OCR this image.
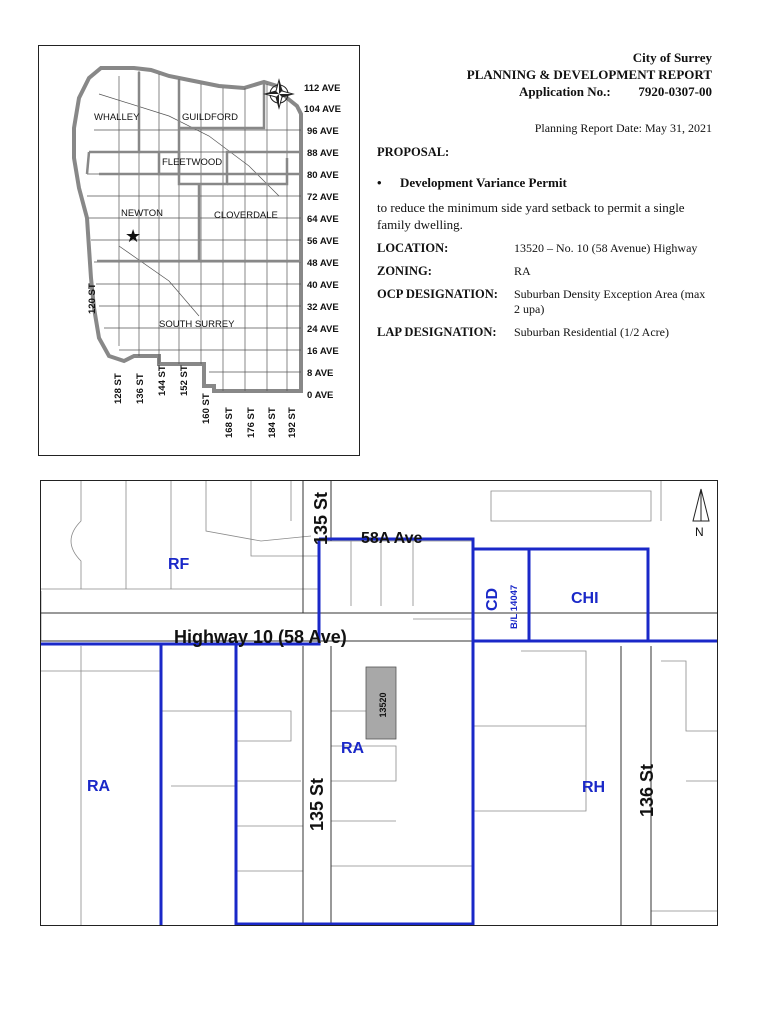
112 AVE
104 AVE
96 AVE
88 AVE
80 AVE
72 AVE
64 AVE
56 AVE
48 AVE
40 AVE
32 AVE
24 AVE
16 AVE
8 AVE
0 AVE
120 ST
128 ST 136 ST 144 ST 152 ST
160 ST 168 ST 176 ST 184 ST 192 ST
WHALLEY	GUILDFORD
FLEETWOOD
NEWTON	CLOVERDALE
SOUTH SURREY
★
City of Surrey
PLANNING & DEVELOPMENT REPORT
Application No.: 7920-0307-00
Planning Report Date: May 31, 2021
PROPOSAL:
•	Development Variance Permit
to reduce the minimum side yard setback to permit a single family dwelling.
LOCATION:	13520 – No. 10 (58 Avenue) Highway
ZONING:	RA
OCP DESIGNATION:	Suburban Density Exception Area (max 2 upa)
LAP DESIGNATION:	Suburban Residential (1/2 Acre)
13520
RF
CD B/L 14047	CHI
RA
RA
RH
135 St 58A Ave
Highway 10 (58 Ave)
135 St	136 St
N
